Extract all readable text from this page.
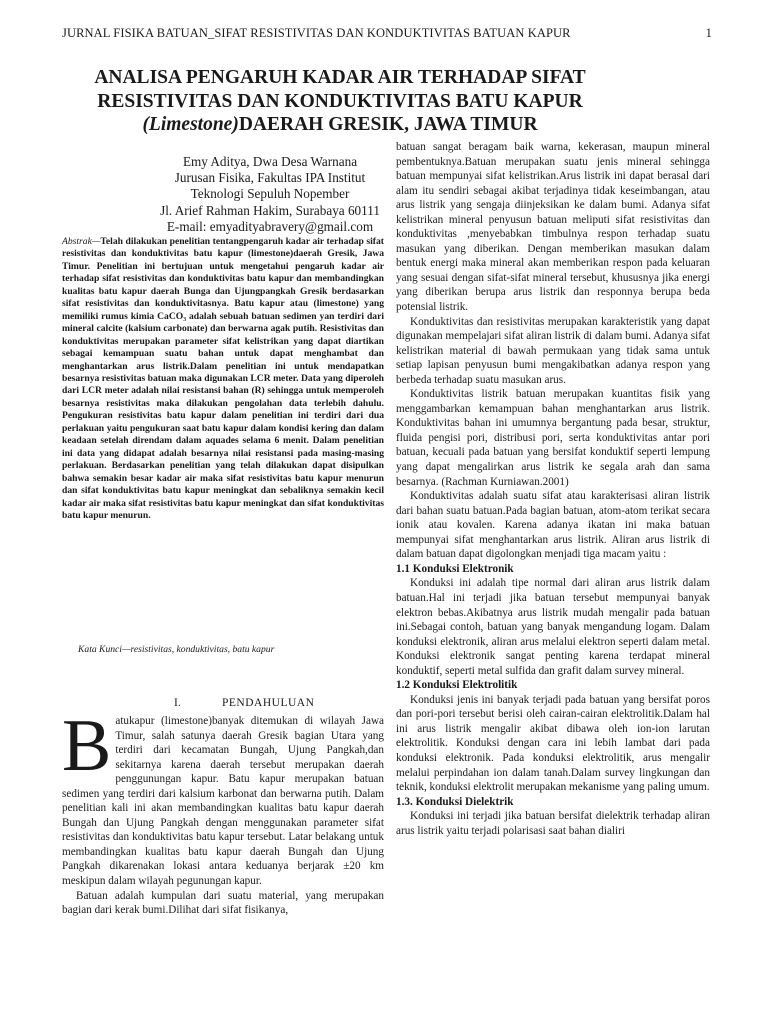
JURNAL FISIKA BATUAN_SIFAT RESISTIVITAS DAN KONDUKTIVITAS BATUAN KAPUR	1
ANALISA PENGARUH KADAR AIR TERHADAP SIFAT
RESISTIVITAS DAN KONDUKTIVITAS BATU KAPUR
(Limestone)DAERAH GRESIK, JAWA TIMUR
Emy Aditya, Dwa Desa Warnana
Jurusan Fisika, Fakultas IPA Institut
Teknologi Sepuluh Nopember
Jl. Arief Rahman Hakim, Surabaya 60111
E-mail: emyadityabravery@gmail.com
Abstrak—Telah dilakukan penelitian tentangpengaruh kadar air terhadap sifat resistivitas dan konduktivitas batu kapur (limestone)daerah Gresik, Jawa Timur. Penelitian ini bertujuan untuk mengetahui pengaruh kadar air terhadap sifat resistivitas dan konduktivitas batu kapur dan membandingkan kualitas batu kapur daerah Bunga dan Ujungpangkah Gresik berdasarkan sifat resistivitas dan konduktivitasnya. Batu kapur atau (limestone) yang memiliki rumus kimia CaCO₃ adalah sebuah batuan sedimen yan terdiri dari mineral calcite (kalsium carbonate) dan berwarna agak putih. Resistivitas dan konduktivitas merupakan parameter sifat kelistrikan yang dapat diartikan sebagai kemampuan suatu bahan untuk dapat menghambat dan menghantarkan arus listrik.Dalam penelitian ini untuk mendapatkan besarnya resistivitas batuan maka digunakan LCR meter. Data yang diperoleh dari LCR meter adalah nilai resistansi bahan (R) sehingga untuk memperoleh besarnya resistivitas maka dilakukan pengolahan data terlebih dahulu. Pengukuran resistivitas batu kapur dalam penelitian ini terdiri dari dua perlakuan yaitu pengukuran saat batu kapur dalam kondisi kering dan dalam keadaan setelah direndam dalam aquades selama 6 menit. Dalam penelitian ini data yang didapat adalah besarnya nilai resistansi pada masing-masing perlakuan. Berdasarkan penelitian yang telah dilakukan dapat disipulkan bahwa semakin besar kadar air maka sifat resistivitas batu kapur menurun dan sifat konduktivitas batu kapur meningkat dan sebaliknya semakin kecil kadar air maka sifat resistivitas batu kapur meningkat dan sifat konduktivitas batu kapur menurun.
Kata Kunci—resistivitas, konduktivitas, batu kapur
I.	PENDAHULUAN
B atukapur (limestone)banyak ditemukan di wilayah Jawa Timur, salah satunya daerah Gresik bagian Utara yang terdiri dari kecamatan Bungah, Ujung Pangkah,dan sekitarnya karena daerah tersebut merupakan daerah penggunungan kapur. Batu kapur merupakan batuan sedimen yang terdiri dari kalsium karbonat dan berwarna putih. Dalam penelitian kali ini akan membandingkan kualitas batu kapur daerah Bungah dan Ujung Pangkah dengan menggunakan parameter sifat resistivitas dan konduktivitas batu kapur tersebut. Latar belakang untuk membandingkan kualitas batu kapur daerah Bungah dan Ujung Pangkah dikarenakan lokasi antara keduanya berjarak ±20 km meskipun dalam wilayah pegunungan kapur.

Batuan adalah kumpulan dari suatu material, yang merupakan bagian dari kerak bumi.Dilihat dari sifat fisikanya,

batuan sangat beragam baik warna, kekerasan, maupun mineral pembentuknya.Batuan merupakan suatu jenis mineral sehingga batuan mempunyai sifat kelistrikan.Arus listrik ini dapat berasal dari alam itu sendiri sebagai akibat terjadinya tidak keseimbangan, atau arus listrik yang sengaja diinjeksikan ke dalam bumi. Adanya sifat kelistrikan mineral penyusun batuan meliputi sifat resistivitas dan konduktivitas ,menyebabkan timbulnya respon terhadap suatu masukan yang diberikan. Dengan memberikan masukan dalam bentuk energi maka mineral akan memberikan respon pada keluaran yang sesuai dengan sifat-sifat mineral tersebut, khususnya jika energi yang diberikan berupa arus listrik dan responnya berupa beda potensial listrik.

Konduktivitas dan resistivitas merupakan karakteristik yang dapat digunakan mempelajari sifat aliran listrik di dalam bumi. Adanya sifat kelistrikan material di bawah permukaan yang tidak sama untuk setiap lapisan penyusun bumi mengakibatkan adanya respon yang berbeda terhadap suatu masukan arus.

Konduktivitas listrik batuan merupakan kuantitas fisik yang menggambarkan kemampuan bahan menghantarkan arus listrik. Konduktivitas bahan ini umumnya bergantung pada besar, struktur, fluida pengisi pori, distribusi pori, serta konduktivitas antar pori batuan, kecuali pada batuan yang bersifat konduktif seperti lempung yang dapat mengalirkan arus listrik ke segala arah dan sama besarnya. (Rachman Kurniawan.2001)

Konduktivitas adalah suatu sifat atau karakterisasi aliran listrik dari bahan suatu batuan.Pada bagian batuan, atom-atom terikat secara ionik atau kovalen. Karena adanya ikatan ini maka batuan mempunyai sifat menghantarkan arus listrik. Aliran arus listrik di dalam batuan dapat digolongkan menjadi tiga macam yaitu :

1.1 Konduksi Elektronik

Konduksi ini adalah tipe normal dari aliran arus listrik dalam batuan.Hal ini terjadi jika batuan tersebut mempunyai banyak elektron bebas.Akibatnya arus listrik mudah mengalir pada batuan ini.Sebagai contoh, batuan yang banyak mengandung logam. Dalam konduksi elektronik, aliran arus melalui elektron seperti dalam metal. Konduksi elektronik sangat penting karena terdapat mineral konduktif, seperti metal sulfida dan grafit dalam survey mineral.

1.2 Konduksi Elektrolitik

Konduksi jenis ini banyak terjadi pada batuan yang bersifat poros dan pori-pori tersebut berisi oleh cairan-cairan elektrolitik.Dalam hal ini arus listrik mengalir akibat dibawa oleh ion-ion larutan elektrolitik. Konduksi dengan cara ini lebih lambat dari pada konduksi elektronik. Pada konduksi elektrolitik, arus mengalir melalui perpindahan ion dalam tanah.Dalam survey lingkungan dan teknik, konduksi elektrolit merupakan mekanisme yang paling umum.

1.3. Konduksi Dielektrik

Konduksi ini terjadi jika batuan bersifat dielektrik terhadap aliran arus listrik yaitu terjadi polarisasi saat bahan dialiri
